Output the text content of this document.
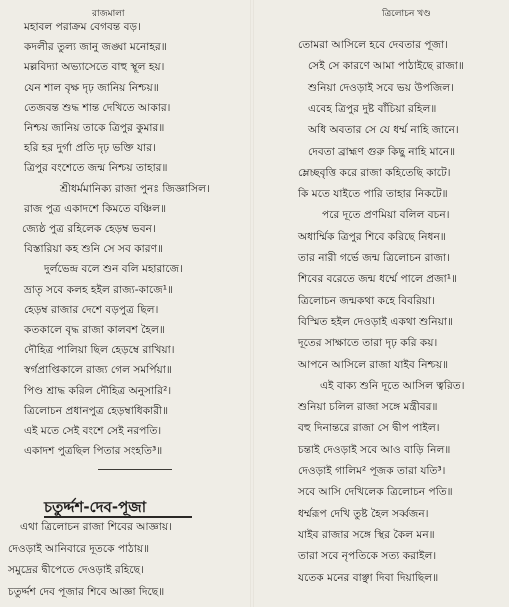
রাজমালা
মহাবল পরাক্রম বেগবন্ত বড়।
কদলীর তুল্য জানু জঙ্ঘা মনোহর॥
মল্লবিদ্যা অভ্যাসেতে বাহু স্থূল হয়।
যেন শাল বৃক্ষ দৃঢ় জানিয় নিশ্চয়॥
তেজবন্ত শুদ্ধ শান্ত দেখিতে আকার।
নিশ্চয় জানিয় তাকে ত্রিপুর কুমার॥
হরি হর দুর্গা প্রতি দৃঢ় ভক্তি যার।
ত্রিপুর বংশেতে জন্ম নিশ্চয় তাহার॥
শ্রীধর্মমানিক্য রাজা পুনঃ জিজ্ঞাসিল।
রাজ পুত্র একাদশে কিমতে বঞ্চিল॥
জ্যেষ্ঠ পুত্র রহিলেক হেড়ম্ব ভবন।
বিস্তারিয়া কহ শুনি সে সব কারণ॥
দুর্লভেন্দ্র বলে শুন বলি মহারাজে।
ভ্রাতৃ সবে কলহ হইল রাজ্য-কাজে¹॥
হেড়ম্ব রাজার দেশে বড়পুত্র ছিল।
কতকালে বৃদ্ধ রাজা কালবশ হৈল॥
দৌহিত্র পালিয়া ছিল হেড়ম্বে রাখিয়া।
স্বর্গপ্রাপ্তিকালে রাজ্য গেল সমর্পিয়া॥
পিণ্ড শ্রাদ্ধ করিল দৌহিত্র অনুসারি²।
ত্রিলোচন প্রধানপুত্র হেড়ম্বাধিকারী॥
এই মতে সেই বংশে সেই নরপতি।
একাদশ পুত্রছিল পিতার সংহতি³॥
চতুর্দ্দশ-দেব-পূজা
এথা ত্রিলোচন রাজা শিবের আজ্ঞায়।
দেওড়াই আনিবারে দূতকে পাঠায়॥
সমুদ্রের দ্বীপেতে দেওড়াই রহিছে।
চতুর্দ্দশ দেব পূজার শিবে আজ্ঞা দিছে॥
ত্রিলোচন খণ্ড
তোমরা আসিলে হবে দেবতার পূজা।
সেই সে কারণে আমা পাঠাইছে রাজা॥
শুনিয়া দেওড়াই সবে ভয় উপজিল।
এবেহ ত্রিপুর দুষ্ট বাঁচিয়া রহিল॥
অধি অবতার সে যে ধর্ম্ম নাহি জানে।
দেবতা ব্রাহ্মণ গুরু কিছু নাহি মানে॥
ম্লেচ্ছবৃত্তি করে রাজা কহিতেছি কাটে।
কি মতে যাইতে পারি তাহার নিকটে॥
পরে দূতে প্রণমিয়া বলিল বচন।
অধার্ম্মিক ত্রিপুর শিবে করিছে নিধন॥
তার নারী গর্ভে জন্ম ত্রিলোচন রাজা।
শিবের বরেতে জন্ম ধর্ম্মে পালে প্রজা¹॥
ত্রিলোচন জন্মকথা কহে বিবরিয়া।
বিস্মিত হইল দেওড়াই একথা শুনিয়া॥
দূতের সাক্ষাতে তারা দৃঢ় করি কয়।
আপনে আসিলে রাজা যাইব নিশ্চয়॥
এই বাক্য শুনি দূতে আসিল ত্বরিত।
শুনিয়া চলিল রাজা সঙ্গে মন্ত্রীবর॥
বহু দিনান্তরে রাজা সে দ্বীপ পাইল।
চন্তাই দেওড়াই সবে আও বাড়ি নিল॥
দেওড়াই গালিম² পূজক তারা যতি³।
সবে আসি দেখিলেক ত্রিলোচন পতি॥
ধর্ম্মরূপ দেখি তুষ্ট হৈল সর্ব্বজন।
যাইব রাজার সঙ্গে স্থির কৈল মন॥
তারা সবে নৃপতিকে সত্য করাইল।
যতেক মনের বাঞ্ছা দিবা দিয়াছিল॥
